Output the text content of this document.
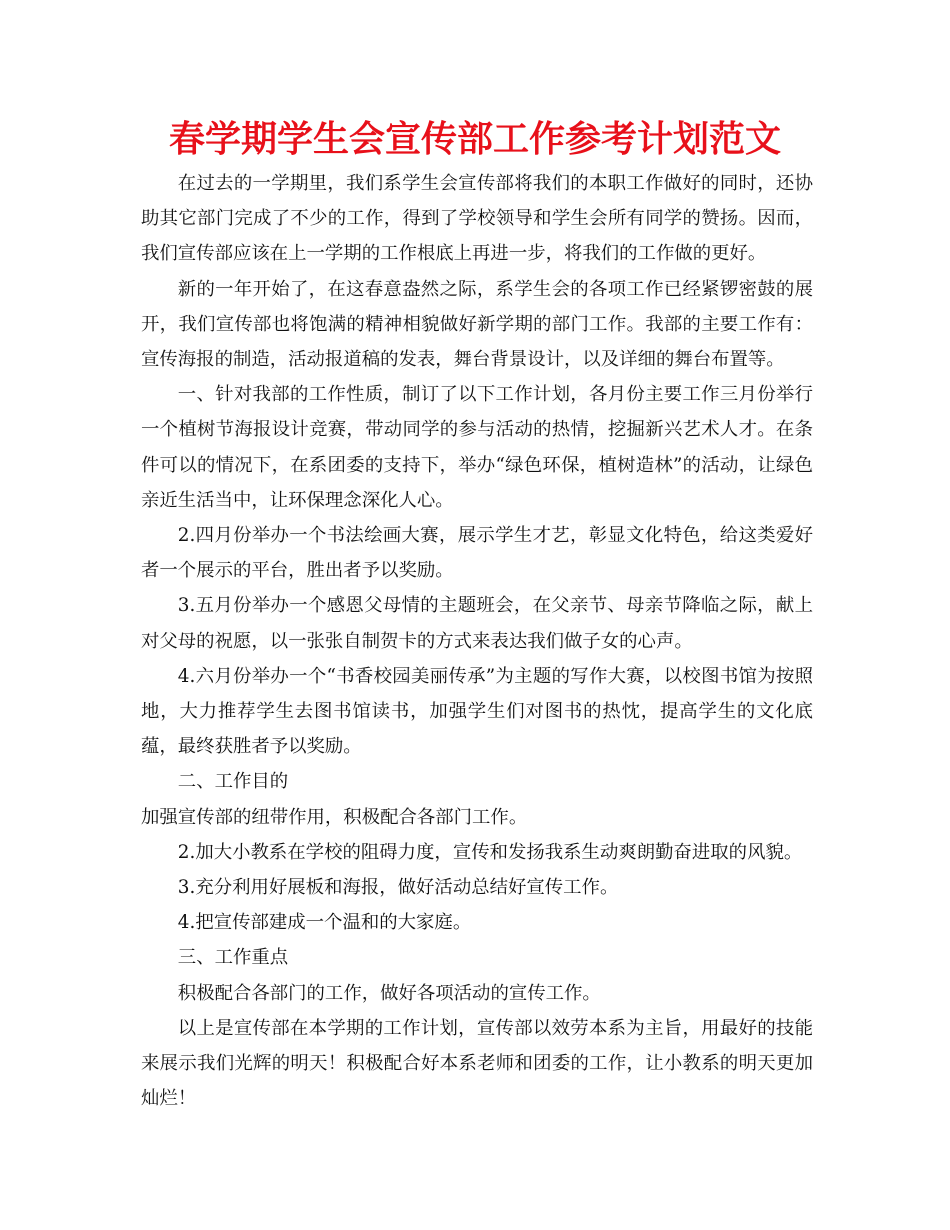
春学期学生会宣传部工作参考计划范文

在过去的一学期里，我们系学生会宣传部将我们的本职工作做好的同时，还协助其它部门完成了不少的工作，得到了学校领导和学生会所有同学的赞扬。因而，我们宣传部应该在上一学期的工作根底上再进一步，将我们的工作做的更好。

新的一年开始了，在这春意盎然之际，系学生会的各项工作已经紧锣密鼓的展开，我们宣传部也将饱满的精神相貌做好新学期的部门工作。我部的主要工作有：宣传海报的制造，活动报道稿的发表，舞台背景设计，以及详细的舞台布置等。

一、针对我部的工作性质，制订了以下工作计划，各月份主要工作三月份举行一个植树节海报设计竞赛，带动同学的参与活动的热情，挖掘新兴艺术人才。在条件可以的情况下，在系团委的支持下，举办“绿色环保，植树造林”的活动，让绿色亲近生活当中，让环保理念深化人心。

2.四月份举办一个书法绘画大赛，展示学生才艺，彰显文化特色，给这类爱好者一个展示的平台，胜出者予以奖励。

3.五月份举办一个感恩父母情的主题班会，在父亲节、母亲节降临之际，献上对父母的祝愿，以一张张自制贺卡的方式来表达我们做子女的心声。

4.六月份举办一个“书香校园美丽传承”为主题的写作大赛，以校图书馆为按照地，大力推荐学生去图书馆读书，加强学生们对图书的热忱，提高学生的文化底蕴，最终获胜者予以奖励。

二、工作目的

加强宣传部的纽带作用，积极配合各部门工作。

2.加大小教系在学校的阻碍力度，宣传和发扬我系生动爽朗勤奋进取的风貌。

3.充分利用好展板和海报，做好活动总结好宣传工作。

4.把宣传部建成一个温和的大家庭。

三、工作重点

积极配合各部门的工作，做好各项活动的宣传工作。

以上是宣传部在本学期的工作计划，宣传部以效劳本系为主旨，用最好的技能来展示我们光辉的明天！积极配合好本系老师和团委的工作，让小教系的明天更加灿烂！
